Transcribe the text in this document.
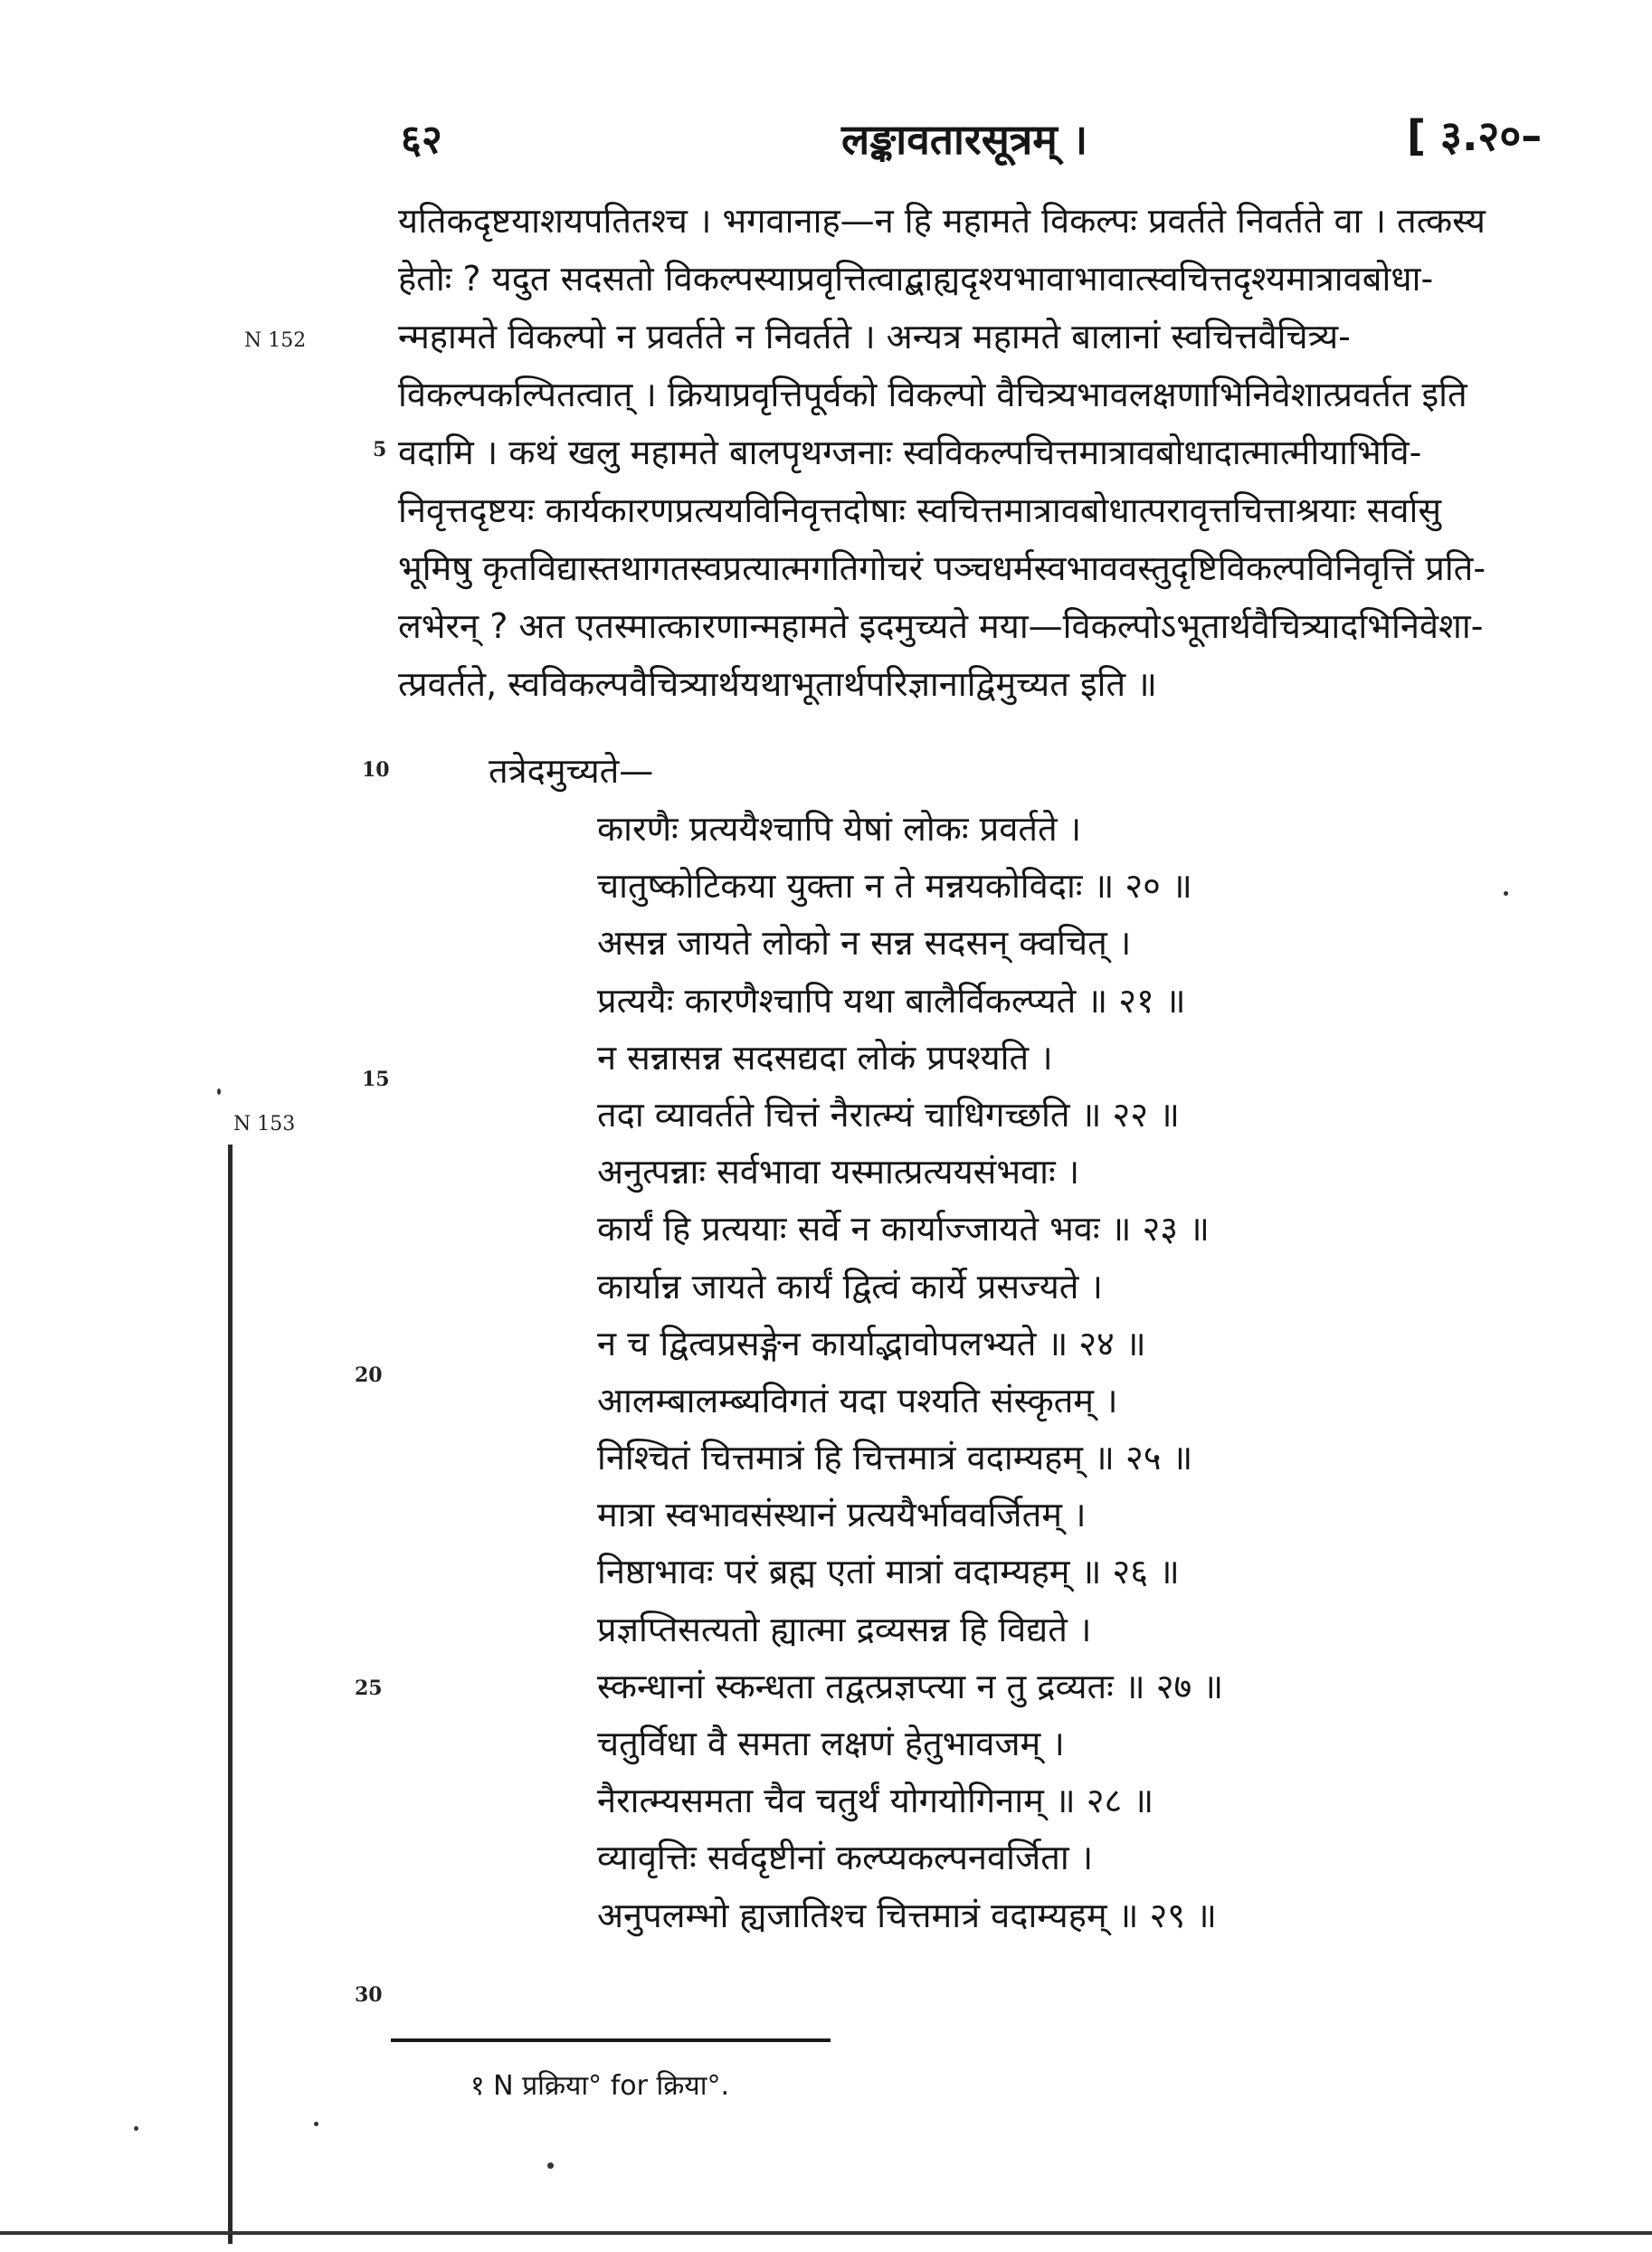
६२	लङ्कावतारसूत्रम् ।	[ ३.२०–
N 152
N 153
5
10
15
20
25
30
यतिकदृष्टयाशयपतितश्च । भगवानाह—न हि महामते विकल्पः प्रवर्तते निवर्तते वा । तत्कस्य
हेतोः ? यदुत सदसतो विकल्पस्याप्रवृत्तित्वाद्बाह्यदृश्यभावाभावात्स्वचित्तदृश्यमात्रावबोधा-
न्महामते विकल्पो न प्रवर्तते न निवर्तते । अन्यत्र महामते बालानां स्वचित्तवैचित्र्य-
विकल्पकल्पितत्वात् । क्रियाप्रवृत्तिपूर्वको विकल्पो वैचित्र्यभावलक्षणाभिनिवेशात्प्रवर्तत इति
वदामि । कथं खलु महामते बालपृथग्जनाः स्वविकल्पचित्तमात्रावबोधादात्मात्मीयाभिवि-
निवृत्तदृष्टयः कार्यकारणप्रत्ययविनिवृत्तदोषाः स्वचित्तमात्रावबोधात्परावृत्तचित्ताश्रयाः सर्वासु
भूमिषु कृतविद्यास्तथागतस्वप्रत्यात्मगतिगोचरं पञ्चधर्मस्वभाववस्तुदृष्टिविकल्पविनिवृत्तिं प्रति-
लभेरन् ? अत एतस्मात्कारणान्महामते इदमुच्यते मया—विकल्पोऽभूतार्थवैचित्र्यादभिनिवेशा-
त्प्रवर्तते, स्वविकल्पवैचित्र्यार्थयथाभूतार्थपरिज्ञानाद्विमुच्यत इति ॥
तत्रेदमुच्यते—
कारणैः प्रत्ययैश्चापि येषां लोकः प्रवर्तते ।
चातुष्कोटिकया युक्ता न ते मन्नयकोविदाः ॥ २० ॥
असन्न जायते लोको न सन्न सदसन् क्वचित् ।
प्रत्ययैः कारणैश्चापि यथा बालैर्विकल्प्यते ॥ २१ ॥
न सन्नासन्न सदसद्यदा लोकं प्रपश्यति ।
तदा व्यावर्तते चित्तं नैरात्म्यं चाधिगच्छति ॥ २२ ॥
अनुत्पन्नाः सर्वभावा यस्मात्प्रत्ययसंभवाः ।
कार्यं हि प्रत्ययाः सर्वे न कार्याज्जायते भवः ॥ २३ ॥
कार्यान्न जायते कार्यं द्वित्वं कार्ये प्रसज्यते ।
न च द्वित्वप्रसङ्गेन कार्याद्भावोपलभ्यते ॥ २४ ॥
आलम्बालम्ब्यविगतं यदा पश्यति संस्कृतम् ।
निश्चितं चित्तमात्रं हि चित्तमात्रं वदाम्यहम् ॥ २५ ॥
मात्रा स्वभावसंस्थानं प्रत्ययैर्भाववर्जितम् ।
निष्ठाभावः परं ब्रह्म एतां मात्रां वदाम्यहम् ॥ २६ ॥
प्रज्ञप्तिसत्यतो ह्यात्मा द्रव्यसन्न हि विद्यते ।
स्कन्धानां स्कन्धता तद्वत्प्रज्ञप्त्या न तु द्रव्यतः ॥ २७ ॥
चतुर्विधा वै समता लक्षणं हेतुभावजम् ।
नैरात्म्यसमता चैव चतुर्थं योगयोगिनाम् ॥ २८ ॥
व्यावृत्तिः सर्वदृष्टीनां कल्प्यकल्पनवर्जिता ।
अनुपलम्भो ह्यजातिश्च चित्तमात्रं वदाम्यहम् ॥ २९ ॥
१ N प्रक्रिया° for क्रिया°.
